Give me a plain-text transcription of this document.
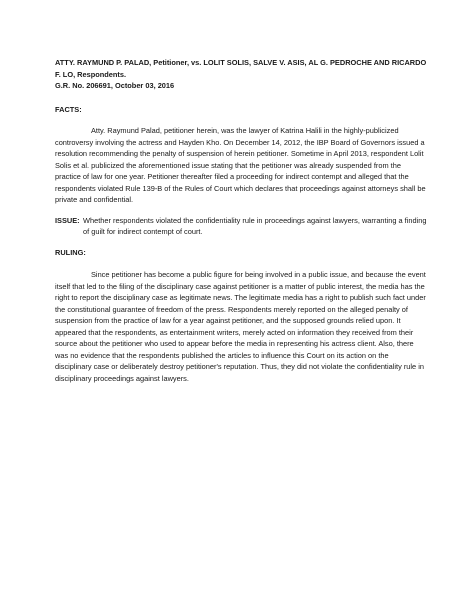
ATTY. RAYMUND P. PALAD, Petitioner, vs. LOLIT SOLIS, SALVE V. ASIS, AL G. PEDROCHE AND RICARDO F. LO, Respondents.

G.R. No. 206691, October 03, 2016

FACTS:

Atty. Raymund Palad, petitioner herein, was the lawyer of Katrina Halili in the highly-publicized controversy involving the actress and Hayden Kho. On December 14, 2012, the IBP Board of Governors issued a resolution recommending the penalty of suspension of herein petitioner. Sometime in April 2013, respondent Lolit Solis et al. publicized the aforementioned issue stating that the petitioner was already suspended from the practice of law for one year. Petitioner thereafter filed a proceeding for indirect contempt and alleged that the respondents violated Rule 139-B of the Rules of Court which declares that proceedings against attorneys shall be private and confidential.

ISSUE: Whether respondents violated the confidentiality rule in proceedings against lawyers, warranting a finding of guilt for indirect contempt of court.
RULING:

Since petitioner has become a public figure for being involved in a public issue, and because the event itself that led to the filing of the disciplinary case against petitioner is a matter of public interest, the media has the right to report the disciplinary case as legitimate news. The legitimate media has a right to publish such fact under the constitutional guarantee of freedom of the press. Respondents merely reported on the alleged penalty of suspension from the practice of law for a year against petitioner, and the supposed grounds relied upon. It appeared that the respondents, as entertainment writers, merely acted on information they received from their source about the petitioner who used to appear before the media in representing his actress client. Also, there was no evidence that the respondents published the articles to influence this Court on its action on the disciplinary case or deliberately destroy petitioner's reputation. Thus, they did not violate the confidentiality rule in disciplinary proceedings against lawyers.
